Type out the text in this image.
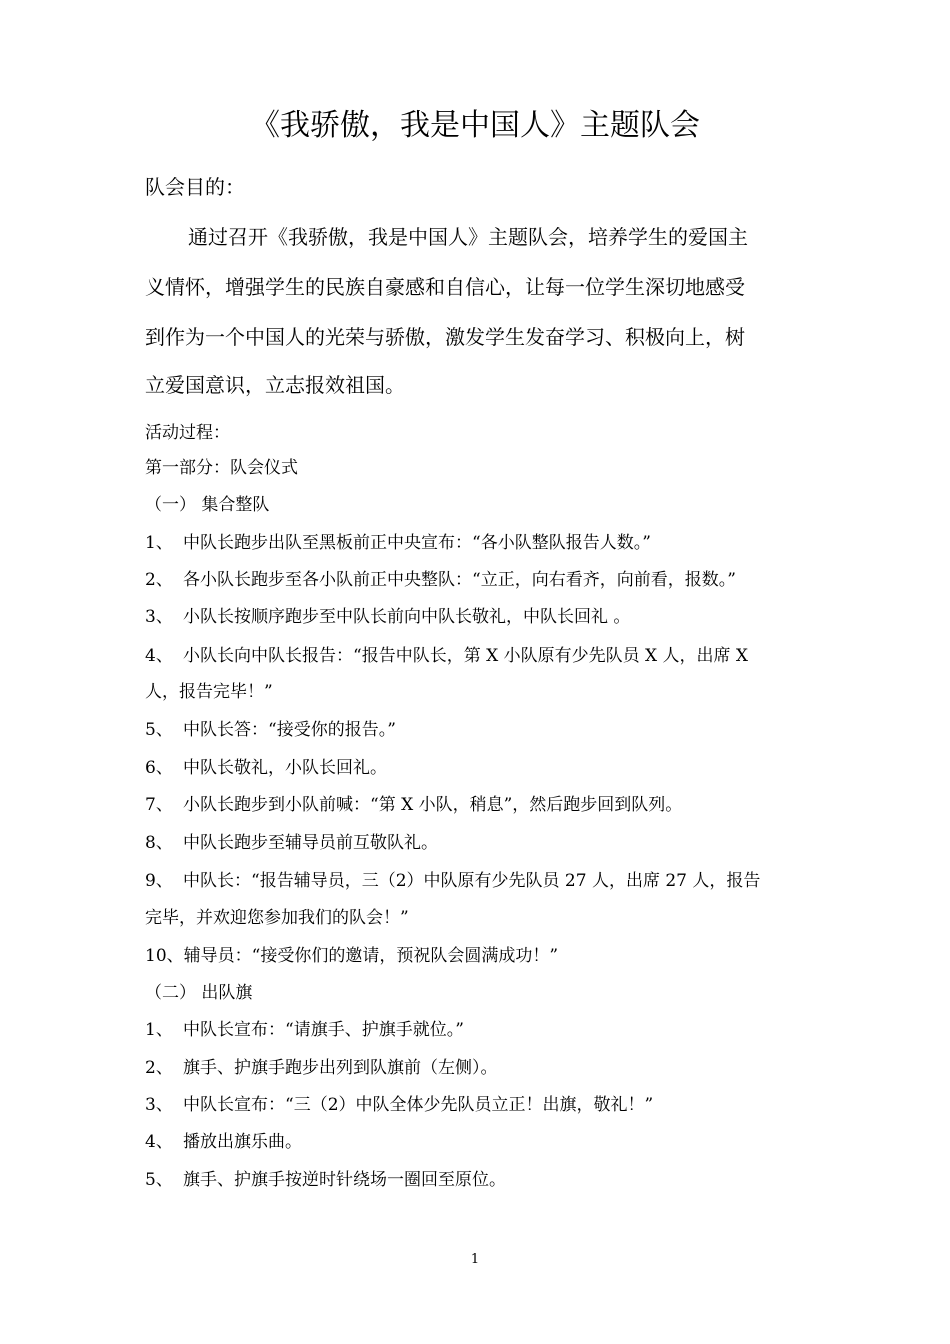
《我骄傲，我是中国人》主题队会
队会目的：
通过召开《我骄傲，我是中国人》主题队会，培养学生的爱国主
义情怀，增强学生的民族自豪感和自信心，让每一位学生深切地感受
到作为一个中国人的光荣与骄傲，激发学生发奋学习、积极向上，树
立爱国意识，立志报效祖国。
活动过程：
第一部分：队会仪式
（一） 集合整队
1、 中队长跑步出队至黑板前正中央宣布：“各小队整队报告人数。”
2、 各小队长跑步至各小队前正中央整队：“立正，向右看齐，向前看，报数。”
3、 小队长按顺序跑步至中队长前向中队长敬礼，中队长回礼 。
4、 小队长向中队长报告：“报告中队长，第 X 小队原有少先队员 X 人，出席 X
人，报告完毕！”
5、 中队长答：“接受你的报告。”
6、 中队长敬礼，小队长回礼。
7、 小队长跑步到小队前喊：“第 X 小队，稍息”，然后跑步回到队列。
8、 中队长跑步至辅导员前互敬队礼。
9、 中队长：“报告辅导员，三（2）中队原有少先队员 27 人，出席 27 人，报告
完毕，并欢迎您参加我们的队会！”
10、辅导员：“接受你们的邀请，预祝队会圆满成功！”
（二） 出队旗
1、 中队长宣布：“请旗手、护旗手就位。”
2、 旗手、护旗手跑步出列到队旗前（左侧）。
3、 中队长宣布：“三（2）中队全体少先队员立正！出旗，敬礼！”
4、 播放出旗乐曲。
5、 旗手、护旗手按逆时针绕场一圈回至原位。
1
